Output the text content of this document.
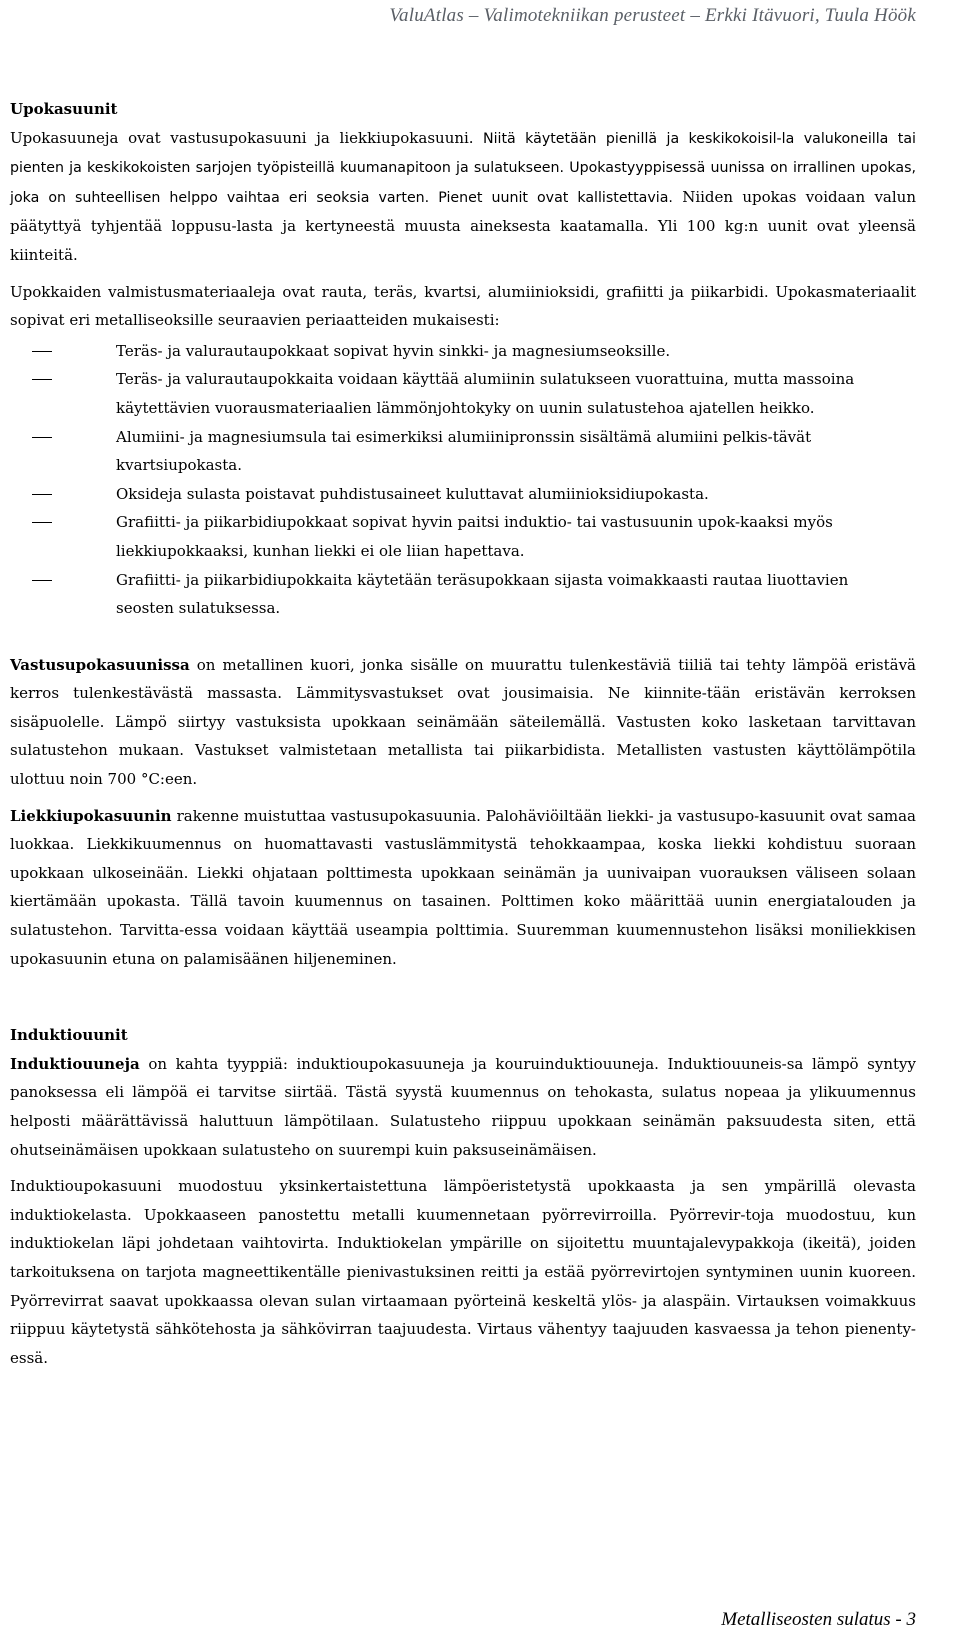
ValuAtlas – Valimotekniikan perusteet – Erkki Itävuori, Tuula Höök

Upokasuunit
Upokasuuneja ovat vastusupokasuuni ja liekkiupokasuuni. Niitä käytetään pienillä ja keskikokoisil-la valukoneilla tai pienten ja keskikokoisten sarjojen työpisteillä kuumanapitoon ja sulatukseen. Upokastyyppisessä uunissa on irrallinen upokas, joka on suhteellisen helppo vaihtaa eri seoksia varten. Pienet uunit ovat kallistettavia. Niiden upokas voidaan valun päätyttyä tyhjentää loppusu-lasta ja kertyneestä muusta aineksesta kaatamalla. Yli 100 kg:n uunit ovat yleensä kiinteitä.

Upokkaiden valmistusmateriaaleja ovat rauta, teräs, kvartsi, alumiinioksidi, grafiitti ja piikarbidi. Upokasmateriaalit sopivat eri metalliseoksille seuraavien periaatteiden mukaisesti:

Teräs- ja valurautaupokkaat sopivat hyvin sinkki- ja magnesiumseoksille.
Teräs- ja valurautaupokkaita voidaan käyttää alumiinin sulatukseen vuorattuina, mutta massoina käytettävien vuorausmateriaalien lämmönjohtokyky on uunin sulatustehoa ajatellen heikko.
Alumiini- ja magnesiumsula tai esimerkiksi alumiinipronssin sisältämä alumiini pelkis-tävät kvartsiupokasta.
Oksideja sulasta poistavat puhdistusaineet kuluttavat alumiinioksidiupokasta.
Grafiitti- ja piikarbidiupokkaat sopivat hyvin paitsi induktio- tai vastusuunin upok-kaaksi myös liekkiupokkaaksi, kunhan liekki ei ole liian hapettava.
Grafiitti- ja piikarbidiupokkaita käytetään teräsupokkaan sijasta voimakkaasti rautaa liuottavien seosten sulatuksessa.

Vastusupokasuunissa on metallinen kuori, jonka sisälle on muurattu tulenkestäviä tiiliä tai tehty lämpöä eristävä kerros tulenkestävästä massasta. Lämmitysvastukset ovat jousimaisia. Ne kiinnite-tään eristävän kerroksen sisäpuolelle. Lämpö siirtyy vastuksista upokkaan seinämään säteilemällä. Vastusten koko lasketaan tarvittavan sulatustehon mukaan. Vastukset valmistetaan metallista tai piikarbidista. Metallisten vastusten käyttölämpötila ulottuu noin 700 °C:een.

Liekkiupokasuunin rakenne muistuttaa vastusupokasuunia. Palohäviöiltään liekki- ja vastusupo-kasuunit ovat samaa luokkaa. Liekkikuumennus on huomattavasti vastuslämmitystä tehokkaampaa, koska liekki kohdistuu suoraan upokkaan ulkoseinään. Liekki ohjataan polttimesta upokkaan seinämän ja uunivaipan vuorauksen väliseen solaan kiertämään upokasta. Tällä tavoin kuumennus on tasainen. Polttimen koko määrittää uunin energiatalouden ja sulatustehon. Tarvitta-essa voidaan käyttää useampia polttimia. Suuremman kuumennustehon lisäksi moniliekkisen upokasuunin etuna on palamisäänen hiljeneminen.

Induktiouunit
Induktiouuneja on kahta tyyppiä: induktioupokasuuneja ja kouruinduktiouuneja. Induktiouuneis-sa lämpö syntyy panoksessa eli lämpöä ei tarvitse siirtää. Tästä syystä kuumennus on tehokasta, sulatus nopeaa ja ylikuumennus helposti määrättävissä haluttuun lämpötilaan. Sulatusteho riippuu upokkaan seinämän paksuudesta siten, että ohutseinämäisen upokkaan sulatusteho on suurempi kuin paksuseinämäisen.

Induktioupokasuuni muodostuu yksinkertaistettuna lämpöeristetystä upokkaasta ja sen ympärillä olevasta induktiokelasta. Upokkaaseen panostettu metalli kuumennetaan pyörrevirroilla. Pyörrevir-toja muodostuu, kun induktiokelan läpi johdetaan vaihtovirta. Induktiokelan ympärille on sijoitettu muuntajalevypakkoja (ikeitä), joiden tarkoituksena on tarjota magneettikentälle pienivastuksinen reitti ja estää pyörrevirtojen syntyminen uunin kuoreen. Pyörrevirrat saavat upokkaassa olevan sulan virtaamaan pyörteinä keskeltä ylös- ja alaspäin. Virtauksen voimakkuus riippuu käytetystä sähkötehosta ja sähkövirran taajuudesta. Virtaus vähentyy taajuuden kasvaessa ja tehon pienenty-essä.

Metalliseosten sulatus - 3
